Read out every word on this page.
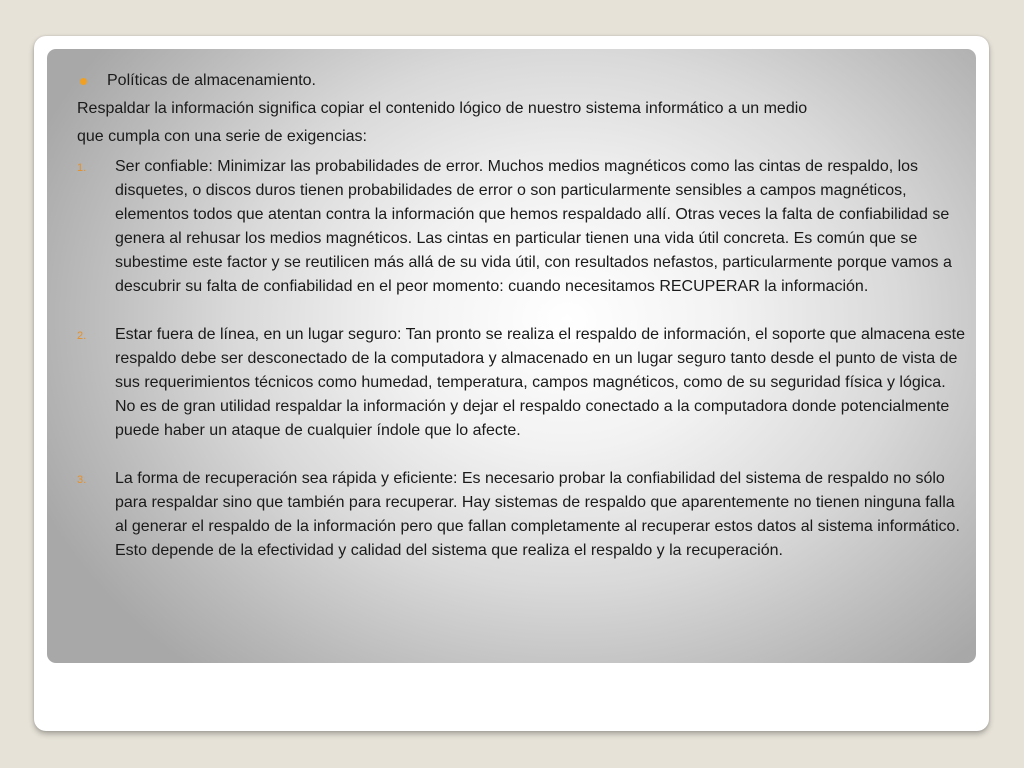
Políticas de almacenamiento.

Respaldar la información significa copiar el contenido lógico de nuestro sistema informático a un medio

que cumpla con una serie de exigencias:

1. Ser confiable: Minimizar las probabilidades de error. Muchos medios magnéticos como las cintas de respaldo, los disquetes, o discos duros tienen probabilidades de error o son particularmente sensibles a campos magnéticos, elementos todos que atentan contra la información que hemos respaldado allí. Otras veces la falta de confiabilidad se genera al rehusar los medios magnéticos. Las cintas en particular tienen una vida útil concreta. Es común que se subestime este factor y se reutilicen más allá de su vida útil, con resultados nefastos, particularmente porque vamos a descubrir su falta de confiabilidad en el peor momento: cuando necesitamos RECUPERAR la información.
2. Estar fuera de línea, en un lugar seguro: Tan pronto se realiza el respaldo de información, el soporte que almacena este respaldo debe ser desconectado de la computadora y almacenado en un lugar seguro tanto desde el punto de vista de sus requerimientos técnicos como humedad, temperatura, campos magnéticos, como de su seguridad física y lógica. No es de gran utilidad respaldar la información y dejar el respaldo conectado a la computadora donde potencialmente puede haber un ataque de cualquier índole que lo afecte.
3. La forma de recuperación sea rápida y eficiente: Es necesario probar la confiabilidad del sistema de respaldo no sólo para respaldar sino que también para recuperar. Hay sistemas de respaldo que aparentemente no tienen ninguna falla al generar el respaldo de la información pero que fallan completamente al recuperar estos datos al sistema informático. Esto depende de la efectividad y calidad del sistema que realiza el respaldo y la recuperación.
